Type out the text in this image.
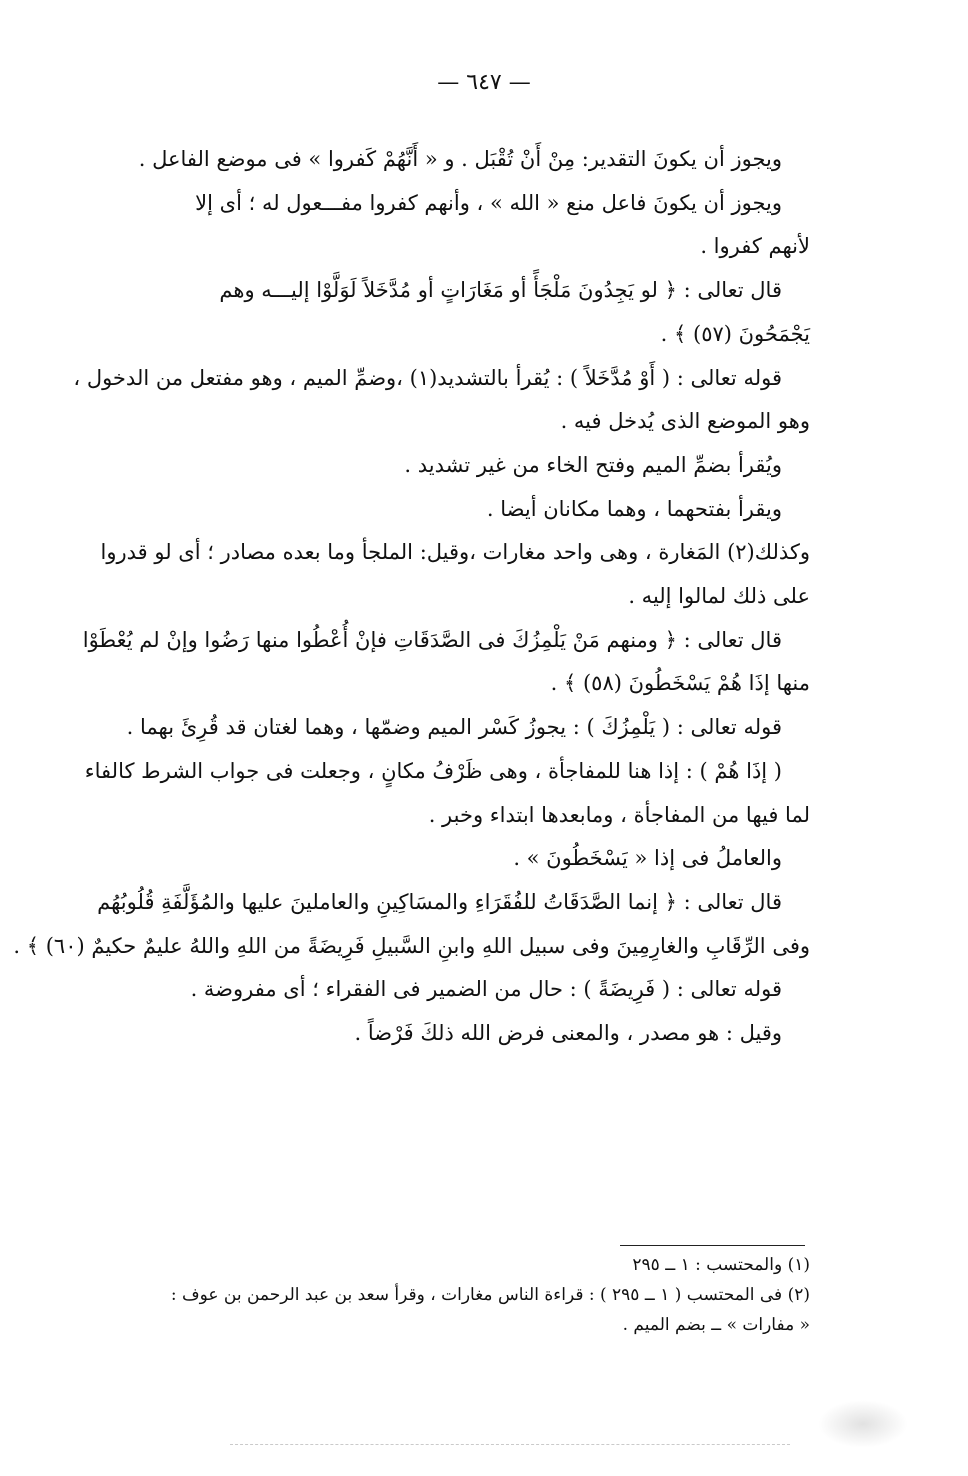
— ٦٤٧ —
ويجوز أن يكونَ التقدير: مِنْ أَنْ تُقْبَل . و « أَنَّهُمْ كَفروا » فى موضع الفاعل .
ويجوز أن يكونَ فاعل منع « الله » ، وأنهم كفروا مفـــعول له ؛ أى إلا
لأنهم كفروا .
قال تعالى : ﴿ لو يَجِدُونَ مَلْجَأً أو مَغَارَاتٍ أو مُدَّخَلاً لَوَلَّوْا إليـــه وهم
يَجْمَحُونَ (٥٧) ﴾ .
قوله تعالى : ( أَوْ مُدَّخَلاً ) : يُقرأ بالتشديد(١) ،وضمِّ الميم ، وهو مفتعل من الدخول ،
وهو الموضع الذى يُدخل فيه .
ويُقرأ بضمِّ الميم وفتح الخاء من غير تشديد .
ويقرأ بفتحهما ، وهما مكانان أيضا .
وكذلك(٢) المَغارة ، وهى واحد مغارات ،وقيل: الملجأ وما بعده مصادر ؛ أى لو قدروا
على ذلك لمالوا إليه .
قال تعالى : ﴿ ومنهم مَنْ يَلْمِزُكَ فى الصَّدَقَاتِ فإنْ أُعْطُوا منها رَضُوا وإنْ لم يُعْطَوْا
منها إذَا هُمْ يَسْخَطُونَ (٥٨) ﴾ .
قوله تعالى : ( يَلْمِزُكَ ) : يجوزُ كَسْر الميم وضمّها ، وهما لغتان قد قُرِئَ بهما .
( إذَا هُمْ ) : إذا هنا للمفاجأة ، وهى ظَرْفُ مكانٍ ، وجعلت فى جواب الشرط كالفاء
لما فيها من المفاجأة ، ومابعدها ابتداء وخبر .
والعاملُ فى إذا « يَسْخَطُونَ » .
قال تعالى : ﴿ إنما الصَّدَقَاتُ للفُقَرَاءِ والمسَاكِينِ والعاملينَ عليها والمُؤَلَّفَةِ قُلُوبُهُم
وفى الرِّقَابِ والغارِمِينَ وفى سبيل اللهِ وابنِ السَّبيلِ فَرِيضَةً من اللهِ واللهُ عليمٌ حكيمٌ (٦٠) ﴾ .
قوله تعالى : ( فَرِيضَةً ) : حال من الضمير فى الفقراء ؛ أى مفروضة .
وقيل : هو مصدر ، والمعنى فرض الله ذلكَ فَرْضاً .
(١) والمحتسب : ١ ــ ٢٩٥
(٢) فى المحتسب ( ١ ــ ٢٩٥ ) : قراءة الناس مغارات ، وقرأ سعد بن عبد الرحمن بن عوف :
« مفارات » ــ بضم الميم .
